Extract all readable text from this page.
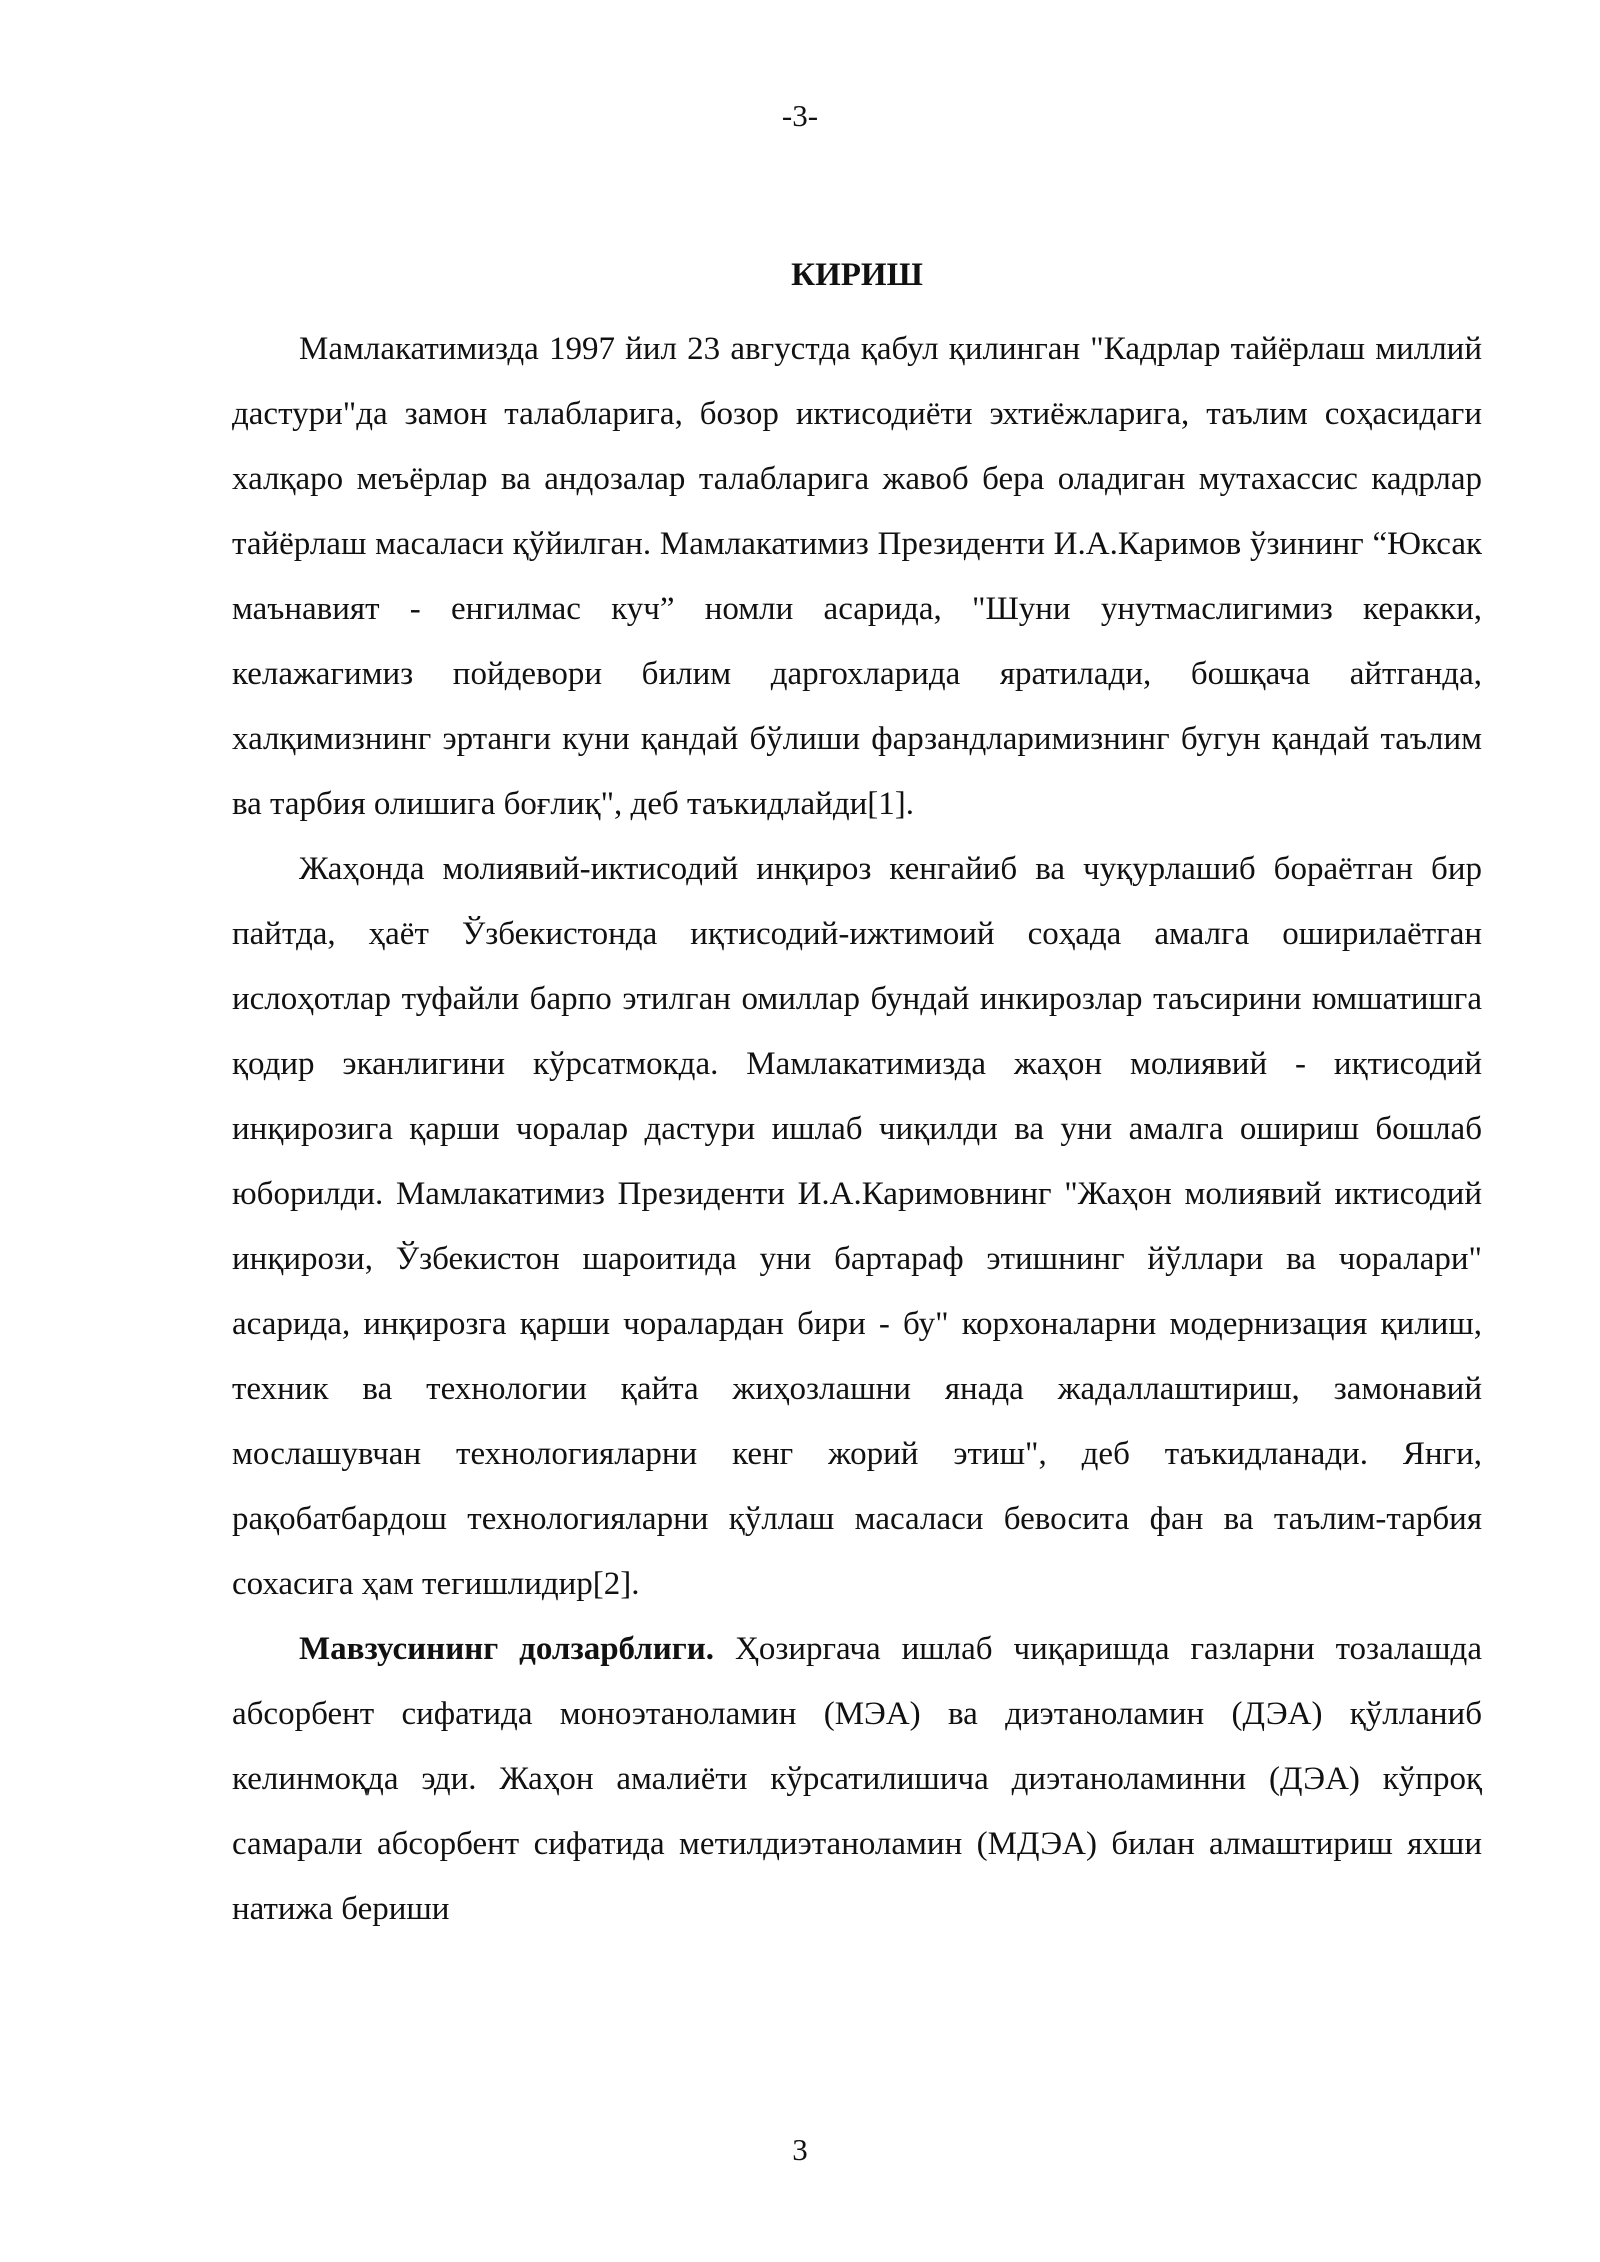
-3-
КИРИШ

Мамлакатимизда 1997 йил 23 августда қабул қилинган "Кадрлар тайёрлаш миллий дастури"да замон талабларига, бозор иктисодиёти эхтиёжларига, таълим соҳасидаги халқаро меъёрлар ва андозалар талабларига жавоб бера оладиган мутахассис кадрлар тайёрлаш масаласи қўйилган. Мамлакатимиз Президенти И.А.Каримов ўзининг “Юксак маънавият - енгилмас куч” номли асарида, "Шуни унутмаслигимиз керакки, келажагимиз пойдевори билим даргохларида яратилади, бошқача айтганда, халқимизнинг эртанги куни қандай бўлиши фарзандларимизнинг бугун қандай таълим ва тарбия олишига боғлиқ", деб таъкидлайди[1].

Жаҳонда молиявий-иктисодий инқироз кенгайиб ва чуқурлашиб бораётган бир пайтда, ҳаёт Ўзбекистонда иқтисодий-ижтимоий соҳада амалга оширилаётган ислоҳотлар туфайли барпо этилган омиллар бундай инкирозлар таъсирини юмшатишга қодир эканлигини кўрсатмокда. Мамлакатимизда жаҳон молиявий - иқтисодий инқирозига қарши чоралар дастури ишлаб чиқилди ва уни амалга ошириш бошлаб юборилди. Мамлакатимиз Президенти И.А.Каримовнинг "Жаҳон молиявий иктисодий инқирози, Ўзбекистон шароитида уни бартараф этишнинг йўллари ва чоралари" асарида, инқирозга қарши чоралардан бири - бу" корхоналарни модернизация қилиш, техник ва технологии қайта жиҳозлашни янада жадаллаштириш, замонавий мослашувчан технологияларни кенг жорий этиш", деб таъкидланади. Янги, рақобатбардош технологияларни қўллаш масаласи бевосита фан ва таълим-тарбия сохасига ҳам тегишлидир[2].

Мавзусининг долзарблиги. Ҳозиргача ишлаб чиқаришда газларни тозалашда абсорбент сифатида моноэтаноламин (МЭА) ва диэтаноламин (ДЭА) қўлланиб келинмоқда эди. Жаҳон амалиёти кўрсатилишича диэтаноламинни (ДЭА) кўпроқ самарали абсорбент сифатида метилдиэтаноламин (МДЭА) билан алмаштириш яхши натижа бериши

3
